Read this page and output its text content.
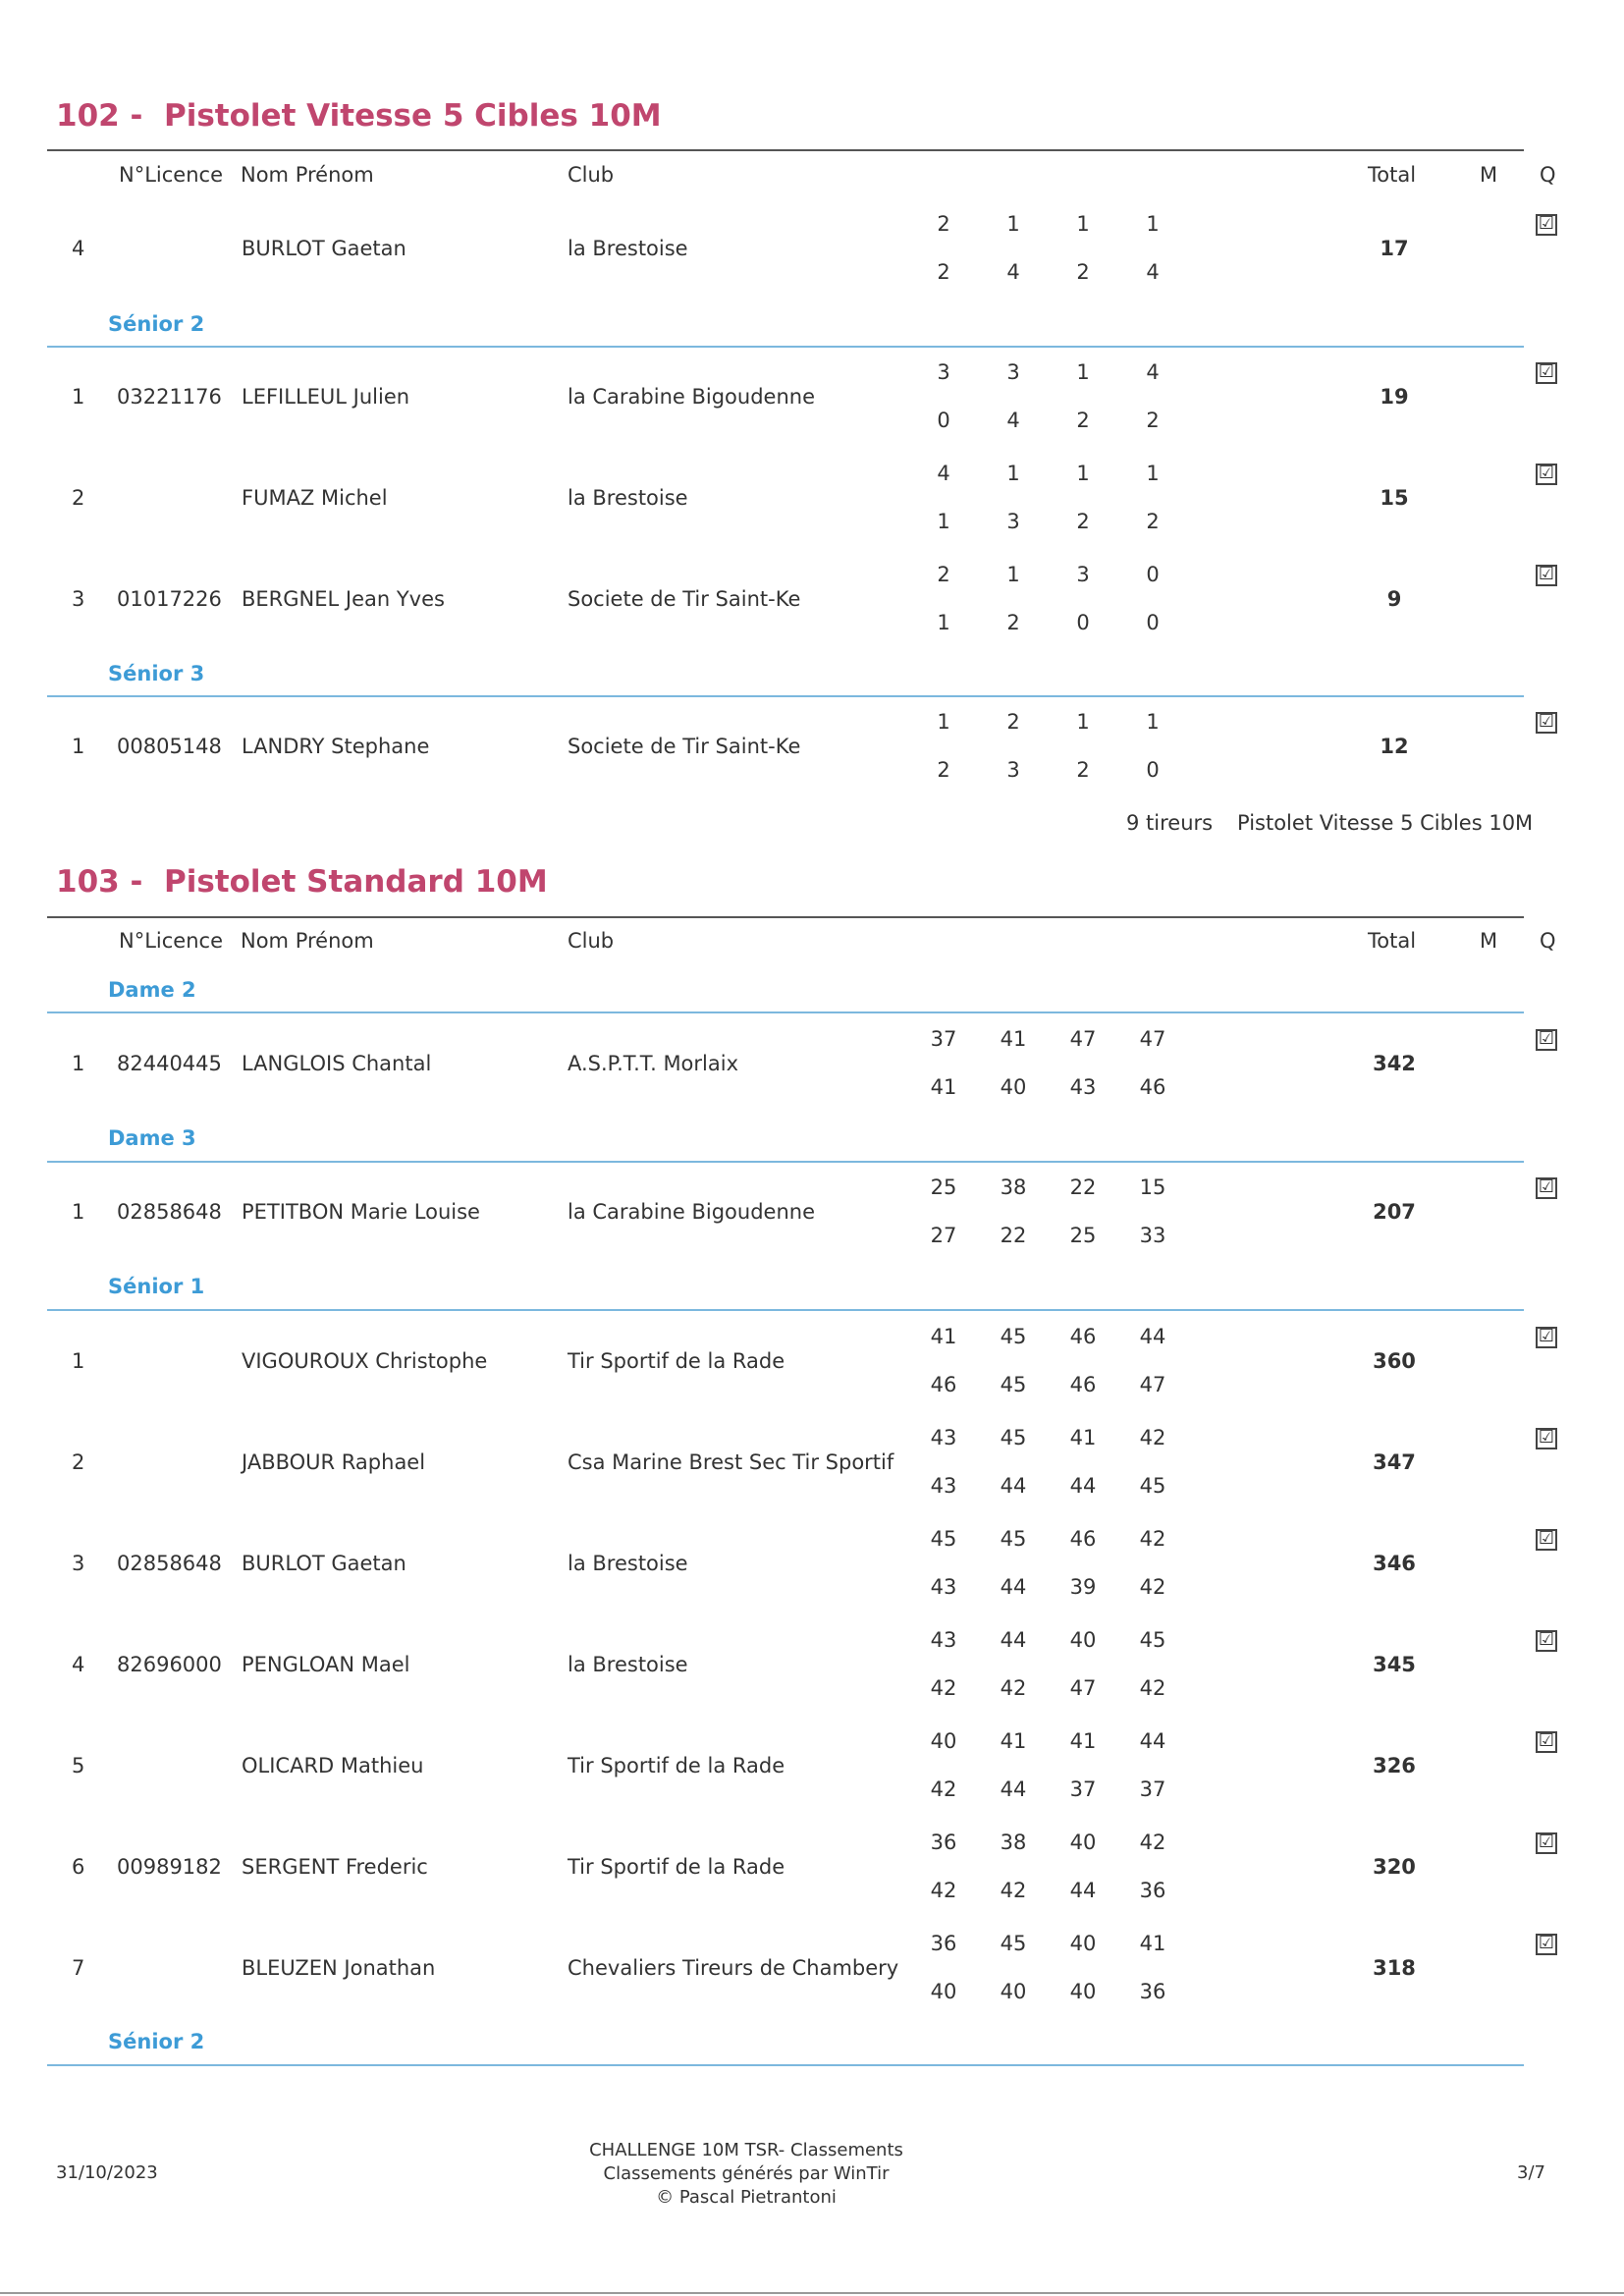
102 - Pistolet Vitesse 5 Cibles 10M
N°Licence Nom Prénom	Club	Total	M Q
4	BURLOT Gaetan	la Brestoise
2	1	1	1
2	4	2	4
17
☑
Sénior 2
1 03221176 LEFILLEUL Julien	la Carabine Bigoudenne
3	3	1	4
0	4	2	2
19
☑
2	FUMAZ Michel	la Brestoise
4	1	1	1
1	3	2	2
15
☑
3 01017226 BERGNEL Jean Yves	Societe de Tir Saint-Ke
2	1	3	0
1	2	0	0
9
☑
Sénior 3
1 00805148 LANDRY Stephane	Societe de Tir Saint-Ke
1	2	1	1
2	3	2	0
12
☑
9 tireurs Pistolet Vitesse 5 Cibles 10M
103 - Pistolet Standard 10M
N°Licence Nom Prénom	Club	Total	M Q
Dame 2
1 82440445 LANGLOIS Chantal	A.S.P.T.T. Morlaix
37	41	47	47
41	40	43	46
342
☑
Dame 3
1 02858648 PETITBON Marie Louise	la Carabine Bigoudenne
25	38	22	15
27	22	25	33
207
☑
Sénior 1
1	VIGOUROUX Christophe	Tir Sportif de la Rade
41	45	46	44
46	45	46	47
360
☑
2	JABBOUR Raphael	Csa Marine Brest Sec Tir Sportif
43	45	41	42
43	44	44	45
347
☑
3 02858648 BURLOT Gaetan	la Brestoise
45	45	46	42
43	44	39	42
346
☑
4 82696000 PENGLOAN Mael	la Brestoise
43	44	40	45
42	42	47	42
345
☑
5	OLICARD Mathieu	Tir Sportif de la Rade
40	41	41	44
42	44	37	37
326
☑
6 00989182 SERGENT Frederic	Tir Sportif de la Rade
36	38	40	42
42	42	44	36
320
☑
7	BLEUZEN Jonathan	Chevaliers Tireurs de Chambery
36	45	40	41
40	40	40	36
318
☑
Sénior 2
31/10/2023
CHALLENGE 10M TSR- Classements
Classements générés par WinTir
© Pascal Pietrantoni
3/7
